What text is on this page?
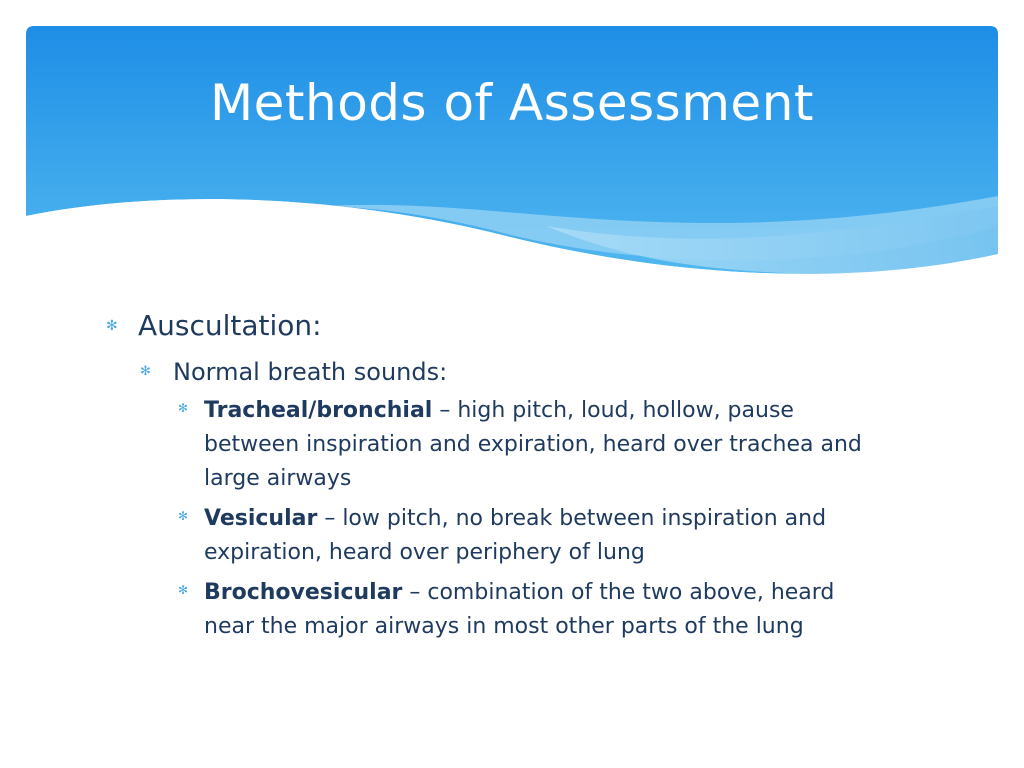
Methods of Assessment
✻ Auscultation:
✻ Normal breath sounds:
✻ Tracheal/bronchial – high pitch, loud, hollow, pause between inspiration and expiration, heard over trachea and large airways
✻ Vesicular – low pitch, no break between inspiration and expiration, heard over periphery of lung
✻ Brochovesicular – combination of the two above, heard near the major airways in most other parts of the lung
